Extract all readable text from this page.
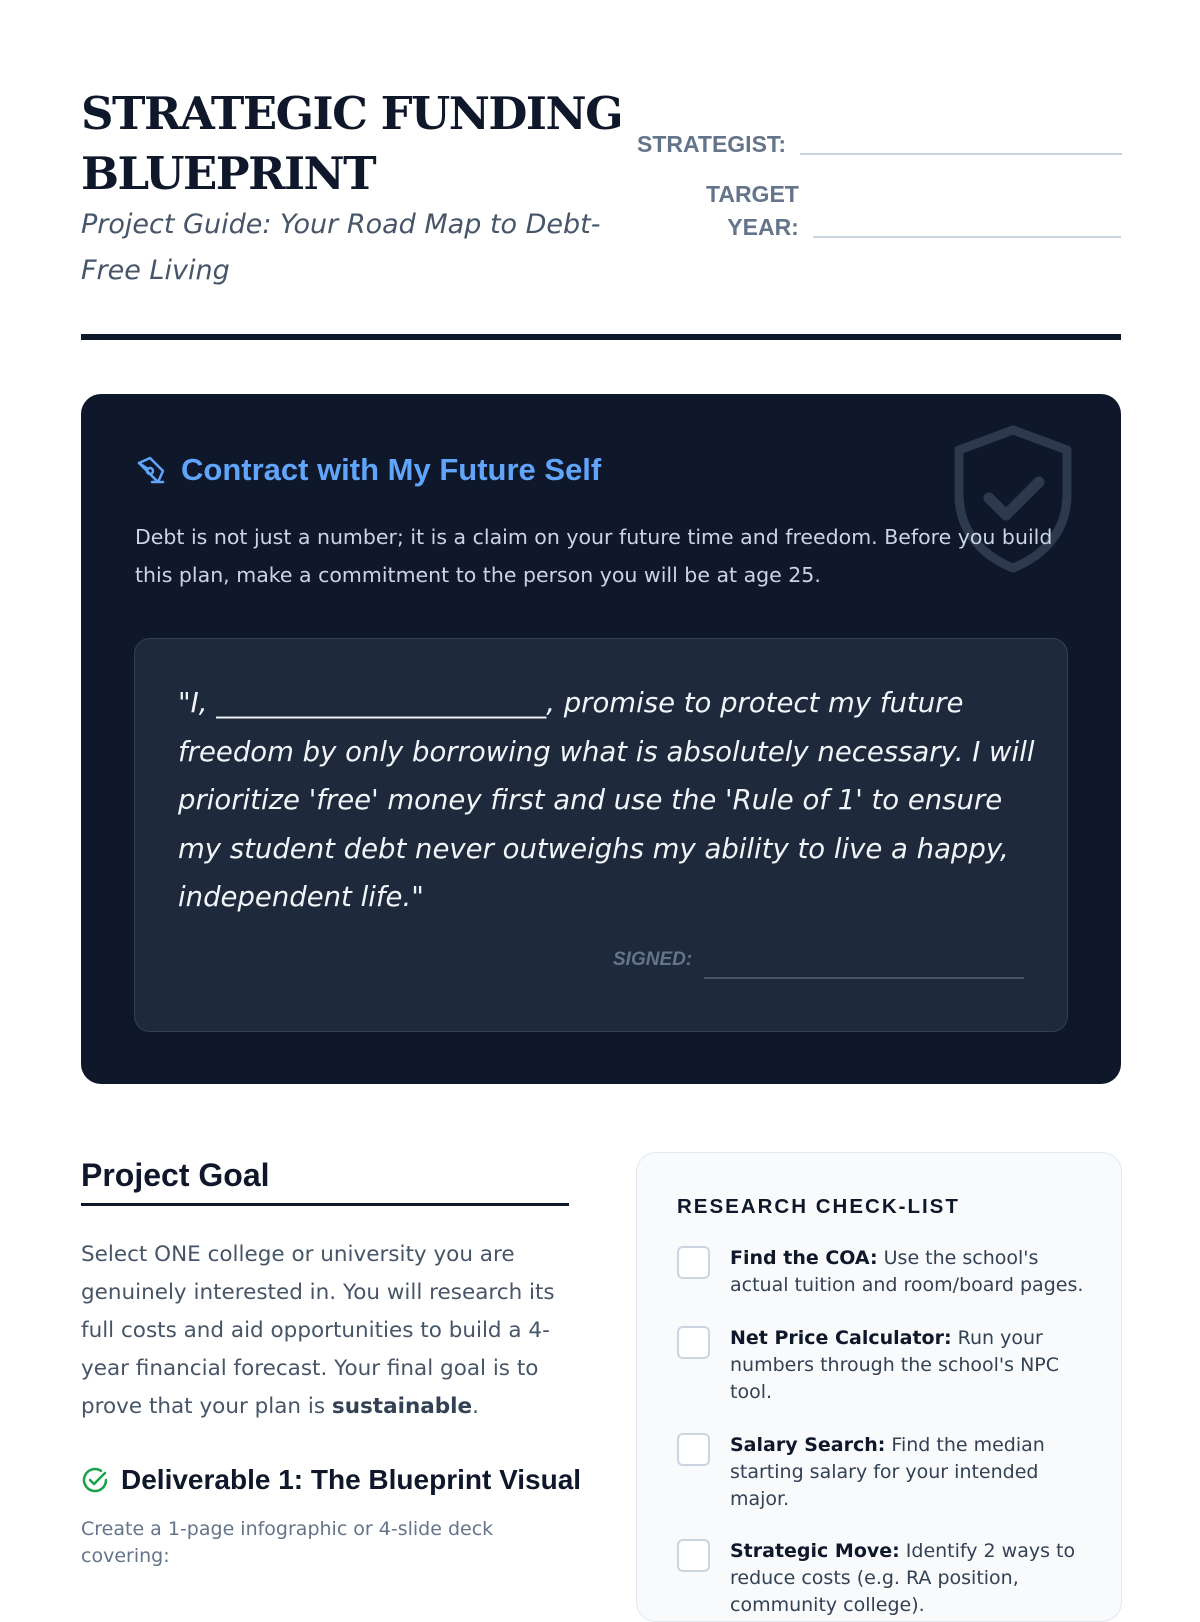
STRATEGIC FUNDING BLUEPRINT
Project Guide: Your Road Map to Debt-Free Living
STRATEGIST:
TARGET
YEAR:
Contract with My Future Self
Debt is not just a number; it is a claim on your future time and freedom. Before you build this plan, make a commitment to the person you will be at age 25.
"I, ________________________, promise to protect my future freedom by only borrowing what is absolutely necessary. I will prioritize 'free' money first and use the 'Rule of 1' to ensure my student debt never outweighs my ability to live a happy, independent life."
SIGNED:
Project Goal
Select ONE college or university you are genuinely interested in. You will research its full costs and aid opportunities to build a 4-year financial forecast. Your final goal is to prove that your plan is sustainable.
Deliverable 1: The Blueprint Visual
Create a 1-page infographic or 4-slide deck covering:
RESEARCH CHECK-LIST
Find the COA: Use the school's actual tuition and room/board pages.
Net Price Calculator: Run your numbers through the school's NPC tool.
Salary Search: Find the median starting salary for your intended major.
Strategic Move: Identify 2 ways to reduce costs (e.g. RA position, community college).
